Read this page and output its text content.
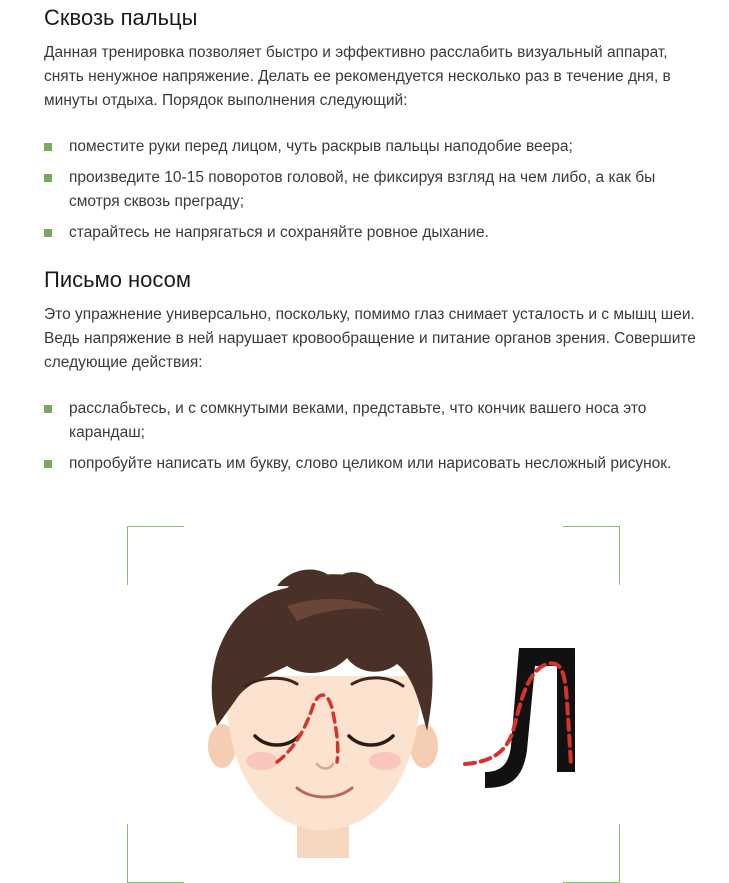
Сквозь пальцы

Данная тренировка позволяет быстро и эффективно расслабить визуальный аппарат, снять ненужное напряжение. Делать ее рекомендуется несколько раз в течение дня, в минуты отдыха. Порядок выполнения следующий:

поместите руки перед лицом, чуть раскрыв пальцы наподобие веера;
произведите 10-15 поворотов головой, не фиксируя взгляд на чем либо, а как бы смотря сквозь преграду;
старайтесь не напрягаться и сохраняйте ровное дыхание.
Письмо носом

Это упражнение универсально, поскольку, помимо глаз снимает усталость и с мышц шеи. Ведь напряжение в ней нарушает кровообращение и питание органов зрения. Совершите следующие действия:

расслабьтесь, и с сомкнутыми веками, представьте, что кончик вашего носа это карандаш;
попробуйте написать им букву, слово целиком или нарисовать несложный рисунок.
